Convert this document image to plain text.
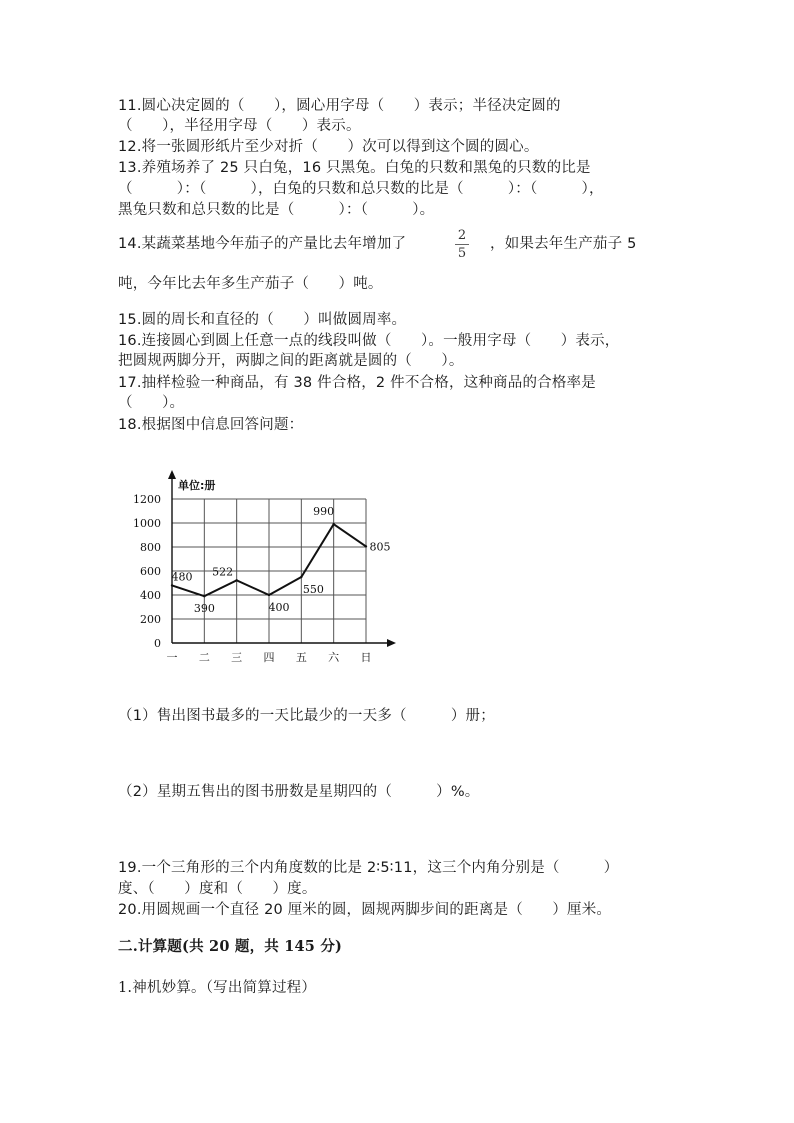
11.圆心决定圆的（　　），圆心用字母（　　）表示；半径决定圆的
（　　），半径用字母（　　）表示。
12.将一张圆形纸片至少对折（　　）次可以得到这个圆的圆心。
13.养殖场养了 25 只白兔，16 只黑兔。白兔的只数和黑兔的只数的比是
（　　　）：（　　　），白兔的只数和总只数的比是（　　　）：（　　　），
黑兔只数和总只数的比是（　　　）：（　　　）。
14.某蔬菜基地今年茄子的产量比去年增加了
2
5
，如果去年生产茄子 5
吨，今年比去年多生产茄子（　　）吨。
15.圆的周长和直径的（　　）叫做圆周率。
16.连接圆心到圆上任意一点的线段叫做（　　）。一般用字母（　　）表示，
把圆规两脚分开，两脚之间的距离就是圆的（　　）。
17.抽样检验一种商品，有 38 件合格，2 件不合格，这种商品的合格率是
（　　）。
18.根据图中信息回答问题：
单位:册
0
200
400
600
800
1000
1200
一 二 三 四 五 六 日
480
390
522
400
550
990
805
（1）售出图书最多的一天比最少的一天多（　　　）册；
（2）星期五售出的图书册数是星期四的（　　　）%。
19.一个三角形的三个内角度数的比是 2∶5∶11，这三个内角分别是（　　　）
度、（　　）度和（　　）度。
20.用圆规画一个直径 20 厘米的圆，圆规两脚步间的距离是（　　）厘米。
二.计算题(共 20 题，共 145 分)
1.神机妙算。（写出简算过程）
